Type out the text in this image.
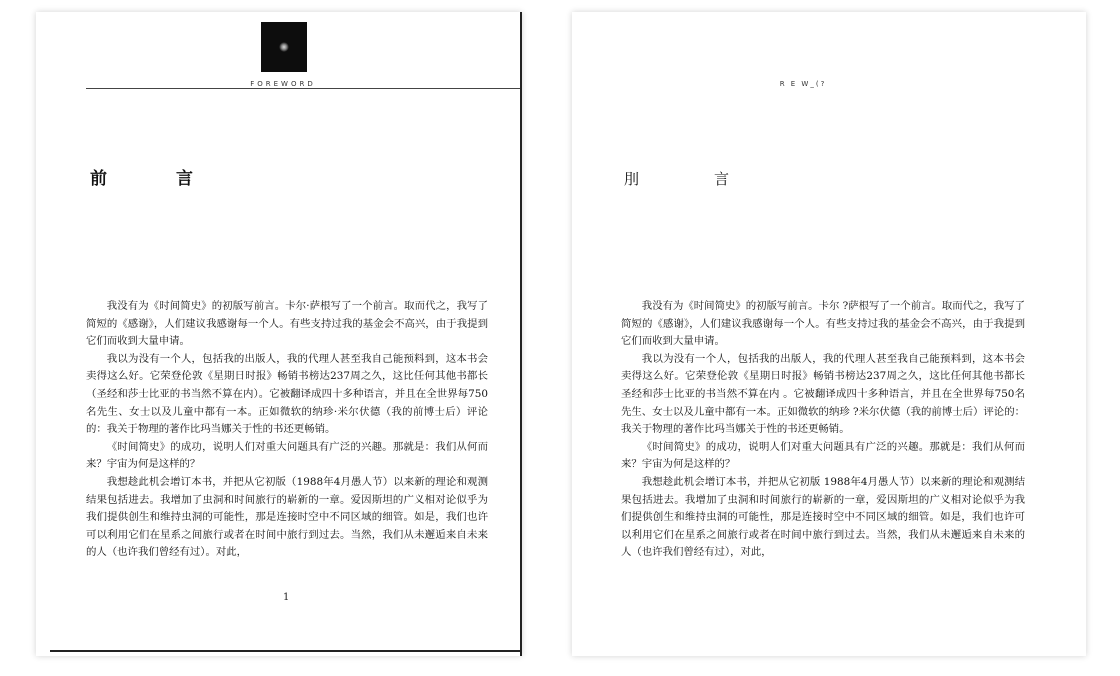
FOREWORD
前　言

我没有为《时间简史》的初版写前言。卡尔·萨根写了一个前言。取而代之，我写了简短的《感谢》，人们建议我感谢每一个人。有些支持过我的基金会不高兴，由于我提到它们而收到大量申请。

我以为没有一个人，包括我的出版人，我的代理人甚至我自己能预料到，这本书会卖得这么好。它荣登伦敦《星期日时报》畅销书榜达237周之久，这比任何其他书都长（圣经和莎士比亚的书当然不算在内）。它被翻译成四十多种语言，并且在全世界每750名先生、女士以及儿童中都有一本。正如微软的纳珍·米尔伏德（我的前博士后）评论的：我关于物理的著作比玛当娜关于性的书还更畅销。

《时间简史》的成功，说明人们对重大问题具有广泛的兴趣。那就是：我们从何而来？宇宙为何是这样的？

我想趁此机会增订本书，并把从它初版（1988年4月愚人节）以来新的理论和观测结果包括进去。我增加了虫洞和时间旅行的崭新的一章。爱因斯坦的广义相对论似乎为我们提供创生和维持虫洞的可能性，那是连接时空中不同区域的细管。如是，我们也许可以利用它们在星系之间旅行或者在时间中旅行到过去。当然，我们从未邂逅来自未来的人（也许我们曾经有过）。对此，

1
R E W_(?
刖　言

我没有为《时间简史》的初版写前言。卡尔 ?萨根写了一个前言。取而代之，我写了简短的《感谢》，人们建议我感谢每一个人。有些支持过我的基金会不高兴，由于我提到它们而收到大量申请。

我以为没有一个人，包括我的出版人，我的代理人甚至我自己能预料到，这本书会卖得这么好。它荣登伦敦《星期日时报》畅销书榜达237周之久，这比任何其他书都长 圣经和莎士比亚的书当然不算在内 。它被翻译成四十多种语言，并且在全世界每750名先生、女士以及儿童中都有一本。正如微软的纳珍 ?米尔伏德（我的前博士后）评论的：我关于物理的著作比玛当娜关于性的书还更畅销。

《时间简史》的成功，说明人们对重大问题具有广泛的兴趣。那就是：我们从何而来？宇宙为何是这样的？

我想趁此机会增订本书，并把从它初版 1988年4月愚人节）以来新的理论和观测结果包括进去。我增加了虫洞和时间旅行的崭新的一章，爱因斯坦的广义相对论似乎为我们提供创生和维持虫洞的可能性，那是连接时空中不同区域的细管。如是，我们也许可以利用它们在星系之间旅行或者在时间中旅行到过去。当然，我们从未邂逅来自未来的人（也许我们曾经有过），对此，
